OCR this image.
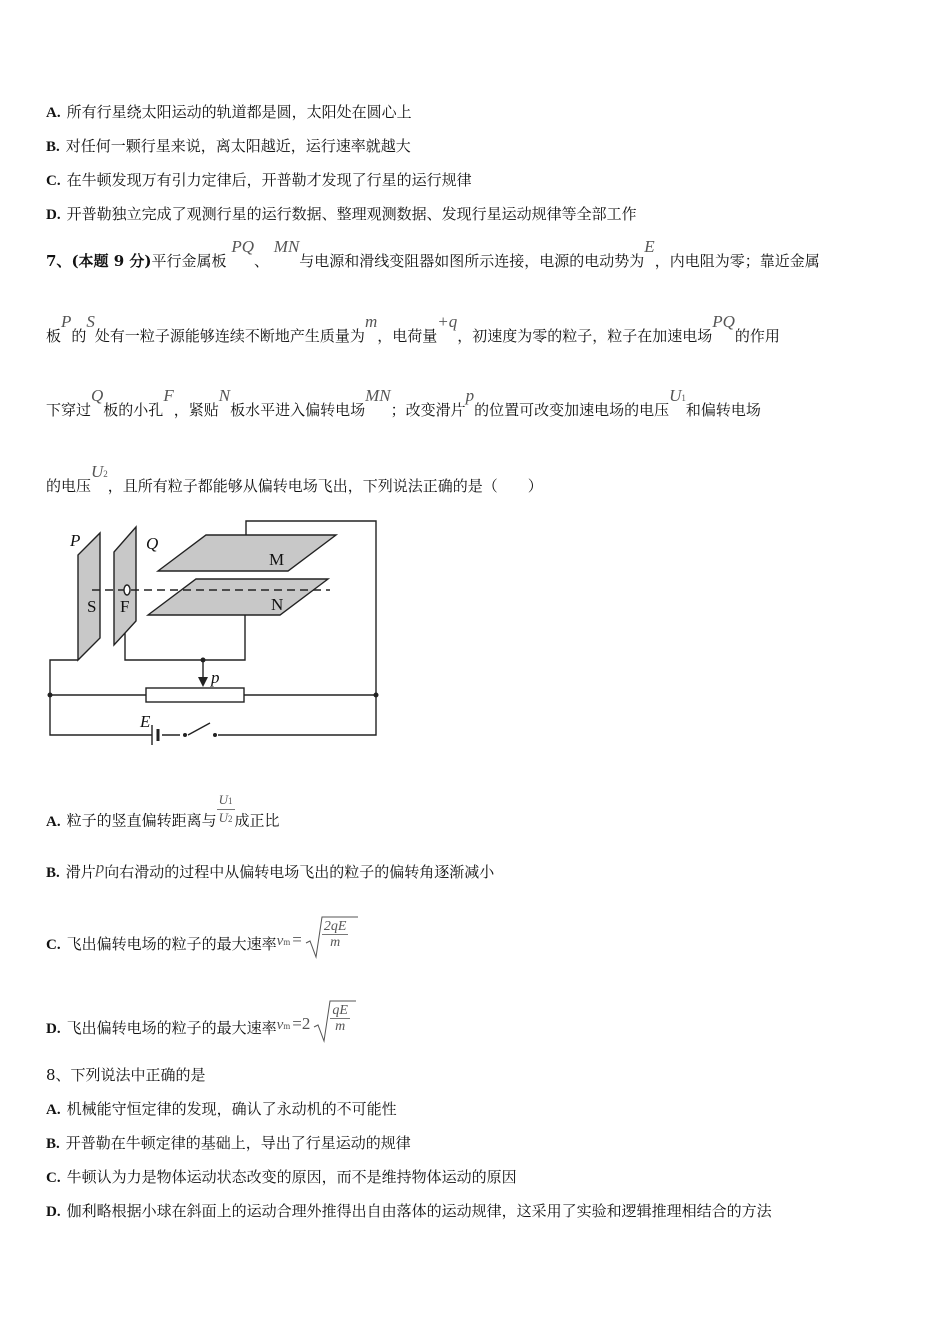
A. 所有行星绕太阳运动的轨道都是圆，太阳处在圆心上
B. 对任何一颗行星来说，离太阳越近，运行速率就越大
C. 在牛顿发现万有引力定律后，开普勒才发现了行星的运行规律
D. 开普勒独立完成了观测行星的运行数据、整理观测数据、发现行星运动规律等全部工作
7、(本题 9 分)平行金属板 PQ、 MN与电源和滑线变阻器如图所示连接，电源的电动势为E，内电阻为零；靠近金属
板P的S处有一粒子源能够连续不断地产生质量为m，电荷量+q，初速度为零的粒子，粒子在加速电场PQ的作用
下穿过Q板的小孔F，紧贴N板水平进入偏转电场MN；改变滑片p的位置可改变加速电场的电压U1和偏转电场
的电压U2，且所有粒子都能够从偏转电场飞出，下列说法正确的是（　　）
P	Q
M
N
S F
p
E
A. 粒子的竖直偏转距离与 $\frac{U1}{U2}$ 成正比
B. 滑片p向右滑动的过程中从偏转电场飞出的粒子的偏转角逐渐减小
C. 飞出偏转电场的粒子的最大速率vm = $\frac{2qE}{m}$
D. 飞出偏转电场的粒子的最大速率vm $=2 \frac{qE}{m}$
8、下列说法中正确的是
A. 机械能守恒定律的发现，确认了永动机的不可能性
B. 开普勒在牛顿定律的基础上，导出了行星运动的规律
C. 牛顿认为力是物体运动状态改变的原因，而不是维持物体运动的原因
D. 伽利略根据小球在斜面上的运动合理外推得出自由落体的运动规律，这采用了实验和逻辑推理相结合的方法
